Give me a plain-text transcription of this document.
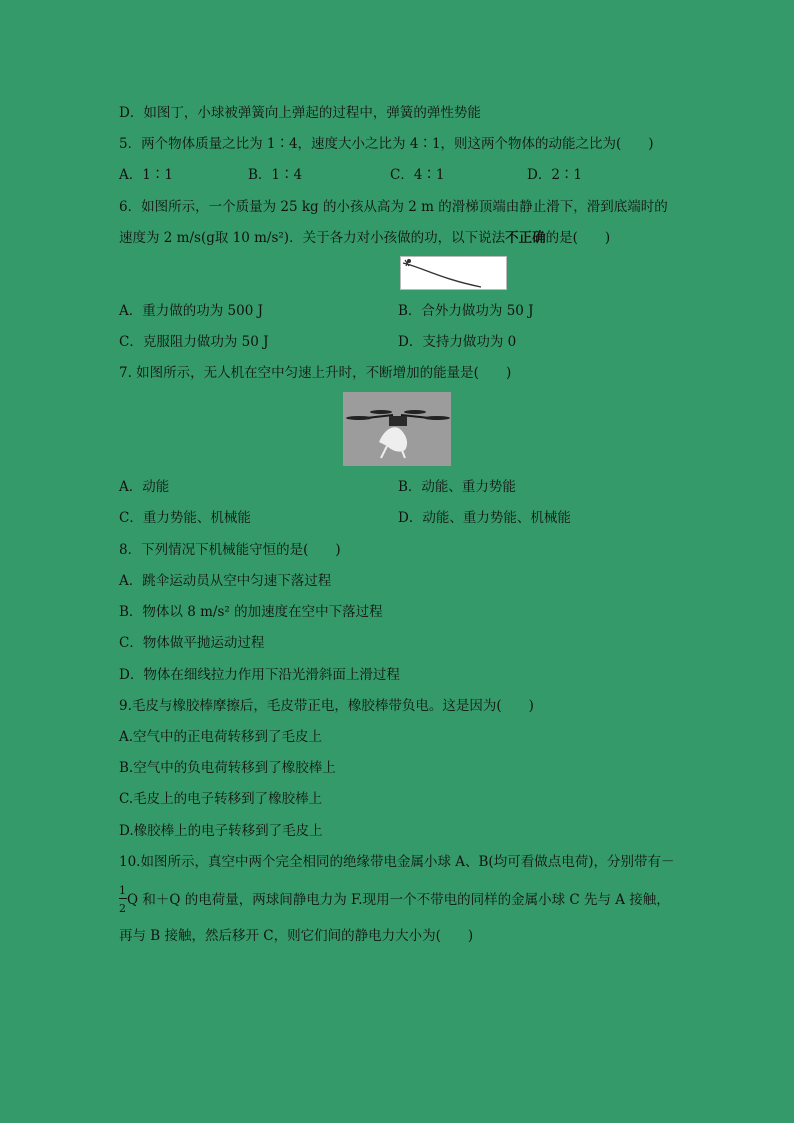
D．如图丁，小球被弹簧向上弹起的过程中，弹簧的弹性势能
5．两个物体质量之比为 1∶4，速度大小之比为 4∶1，则这两个物体的动能之比为(　　)
A．1∶1	B．1∶4	C．4∶1	D．2∶1
6．如图所示，一个质量为 25 kg 的小孩从高为 2 m 的滑梯顶端由静止滑下，滑到底端时的
速度为 2 m/s(g取 10 m/s²)．关于各力对小孩做的功，以下说法不正确的是(　　)
A．重力做的功为 500 J	B．合外力做功为 50 J
C．克服阻力做功为 50 J	D．支持力做功为 0
7. 如图所示，无人机在空中匀速上升时，不断增加的能量是(　　)
A．动能	B．动能、重力势能
C．重力势能、机械能	D．动能、重力势能、机械能
8．下列情况下机械能守恒的是(　　)
A．跳伞运动员从空中匀速下落过程
B．物体以 8 m/s² 的加速度在空中下落过程
C．物体做平抛运动过程
D．物体在细线拉力作用下沿光滑斜面上滑过程
9.毛皮与橡胶棒摩擦后，毛皮带正电，橡胶棒带负电。这是因为(　　)
A.空气中的正电荷转移到了毛皮上
B.空气中的负电荷转移到了橡胶棒上
C.毛皮上的电子转移到了橡胶棒上
D.橡胶棒上的电子转移到了毛皮上
10.如图所示，真空中两个完全相同的绝缘带电金属小球 A、B(均可看做点电荷)，分别带有－
1
2
Q 和＋Q 的电荷量，两球间静电力为 F.现用一个不带电的同样的金属小球 C 先与 A 接触，
再与 B 接触，然后移开 C，则它们间的静电力大小为(　　)
